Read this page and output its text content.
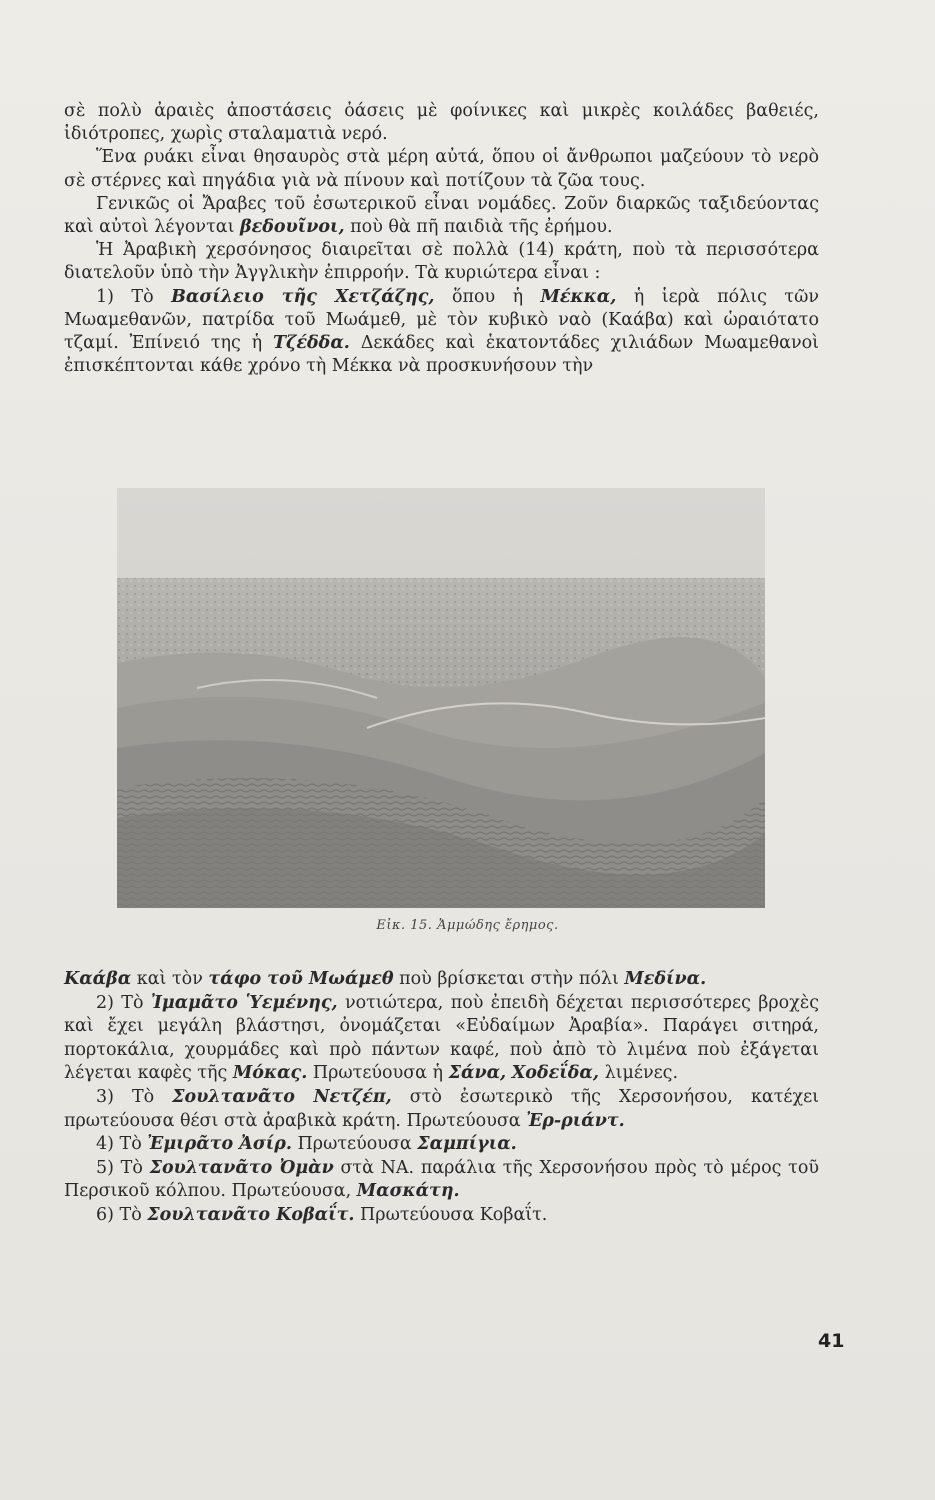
σὲ πολὺ ἀραιὲς ἀποστάσεις ὀάσεις μὲ φοίνικες καὶ μικρὲς κοιλάδες βαθειές, ἰδιότροπες, χωρὶς σταλαματιὰ νερό.

Ἕνα ρυάκι εἶναι θησαυρὸς στὰ μέρη αὐτά, ὅπου οἱ ἄνθρωποι μαζεύουν τὸ νερὸ σὲ στέρνες καὶ πηγάδια γιὰ νὰ πίνουν καὶ ποτίζουν τὰ ζῶα τους.

Γενικῶς οἱ Ἄραβες τοῦ ἐσωτερικοῦ εἶναι νομάδες. Ζοῦν διαρκῶς ταξιδεύοντας καὶ αὐτοὶ λέγονται βεδουῖνοι, ποὺ θὰ πῆ παιδιὰ τῆς ἐρήμου.

Ἡ Ἀραβικὴ χερσόνησος διαιρεῖται σὲ πολλὰ (14) κράτη, ποὺ τὰ περισσότερα διατελοῦν ὑπὸ τὴν Ἀγγλικὴν ἐπιρροήν. Τὰ κυριώτερα εἶναι :

1) Τὸ Βασίλειο τῆς Χετζάζης, ὅπου ἡ Μέκκα, ἡ ἱερὰ πόλις τῶν Μωαμεθανῶν, πατρίδα τοῦ Μωάμεθ, μὲ τὸν κυβικὸ ναὸ (Καάβα) καὶ ὡραιότατο τζαμί. Ἐπίνειό της ἡ Τζέδδα. Δεκάδες καὶ ἑκατοντάδες χιλιάδων Μωαμεθανοὶ ἐπισκέπτονται κάθε χρόνο τὴ Μέκκα νὰ προσκυνήσουν τὴν

Εἰκ. 15. Ἀμμώδης ἔρημος.

Καάβα καὶ τὸν τάφο τοῦ Μωάμεθ ποὺ βρίσκεται στὴν πόλι Μεδίνα.

2) Τὸ Ἰμαμᾶτο Ὑεμένης, νοτιώτερα, ποὺ ἐπειδὴ δέχεται περισσότερες βροχὲς καὶ ἔχει μεγάλη βλάστησι, ὀνομάζεται «Εὐδαίμων Ἀραβία». Παράγει σιτηρά, πορτοκάλια, χουρμάδες καὶ πρὸ πάντων καφέ, ποὺ ἀπὸ τὸ λιμένα ποὺ ἐξάγεται λέγεται καφὲς τῆς Μόκας. Πρωτεύουσα ἡ Σάνα, Χοδεΐδα, λιμένες.

3) Τὸ Σουλτανᾶτο Νετζέπ, στὸ ἐσωτερικὸ τῆς Χερσονήσου, κατέχει πρωτεύουσα θέσι στὰ ἀραβικὰ κράτη. Πρωτεύουσα Ἐρ-ριάντ.

4) Τὸ Ἐμιρᾶτο Ἀσίρ. Πρωτεύουσα Σαμπίγια.

5) Τὸ Σουλτανᾶτο Ὀμὰν στὰ ΝΑ. παράλια τῆς Χερσονήσου πρὸς τὸ μέρος τοῦ Περσικοῦ κόλπου. Πρωτεύουσα, Μασκάτη.

6) Τὸ Σουλτανᾶτο Κοβαΐτ. Πρωτεύουσα Κοβαΐτ.

41
